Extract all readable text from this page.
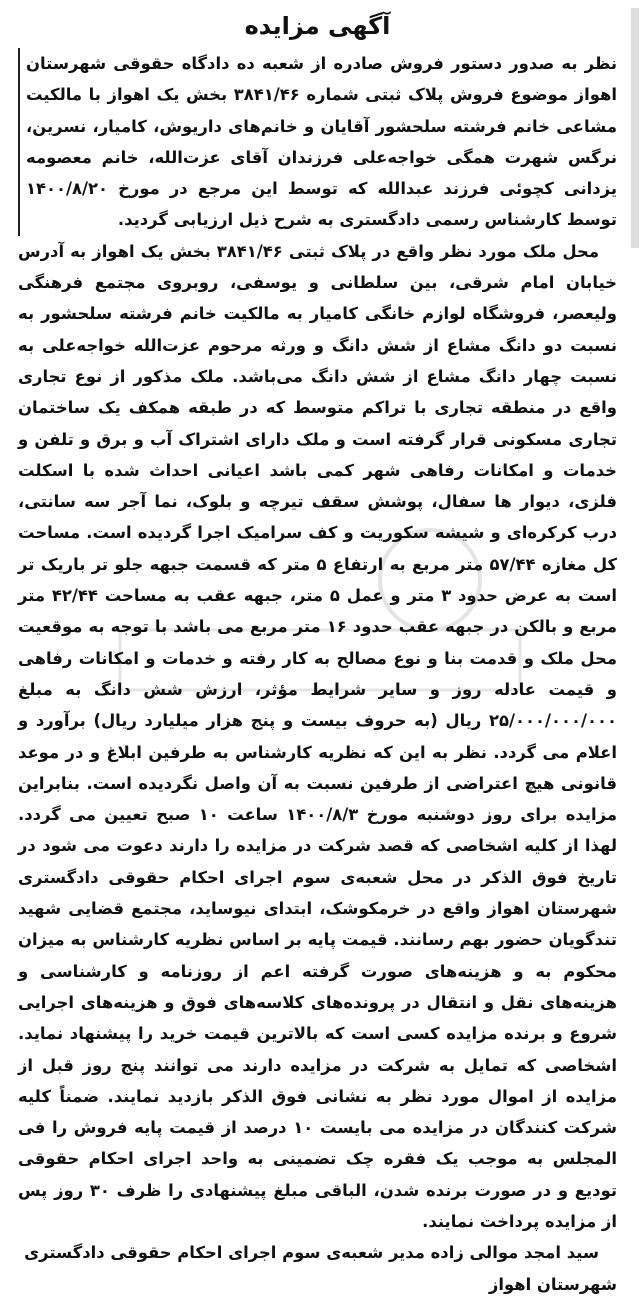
آگهی مزایده

نظر به صدور دستور فروش صادره از شعبه ده دادگاه حقوقی شهرستان اهواز موضوع فروش پلاک ثبتی شماره ۳۸۴۱/۴۶ بخش یک اهواز با مالکیت مشاعی خانم فرشته سلحشور آقایان و خانم‌های داریوش، کامیار، نسرین، نرگس شهرت همگی خواجه‌علی فرزندان آقای عزت‌الله، خانم معصومه یزدانی کچوئی فرزند عبدالله که توسط این مرجع در مورخ ۱۴۰۰/۸/۲۰ توسط کارشناس رسمی دادگستری به شرح ذیل ارزیابی گردید.

محل ملک مورد نظر واقع در پلاک ثبتی ۳۸۴۱/۴۶ بخش یک اهواز به آدرس خیابان امام شرقی، بین سلطانی و یوسفی، روبروی مجتمع فرهنگی ولیعصر، فروشگاه لوازم خانگی کامیار به مالکیت خانم فرشته سلحشور به نسبت دو دانگ مشاع از شش دانگ و ورثه مرحوم عزت‌الله خواجه‌علی به نسبت چهار دانگ مشاع از شش دانگ می‌باشد. ملک مذکور از نوع تجاری واقع در منطقه تجاری با تراکم متوسط که در طبقه همکف یک ساختمان تجاری مسکونی قرار گرفته است و ملک دارای اشتراک آب و برق و تلفن و خدمات و امکانات رفاهی شهر کمی باشد اعیانی احداث شده با اسکلت فلزی، دیوار ها سفال، پوشش سقف تیرچه و بلوک، نما آجر سه سانتی، درب کرکره‌ای و شیشه سکوریت و کف سرامیک اجرا گردیده است. مساحت کل مغازه ۵۷/۴۴ متر مربع به ارتفاع ۵ متر که قسمت جبهه جلو تر باریک تر است به عرض حدود ۳ متر و عمل ۵ متر، جبهه عقب به مساحت ۴۲/۴۴ متر مربع و بالکن در جبهه عقب حدود ۱۶ متر مربع می باشد با توجه به موقعیت محل ملک و قدمت بنا و نوع مصالح به کار رفته و خدمات و امکانات رفاهی و قیمت عادله روز و سایر شرایط مؤثر، ارزش شش دانگ به مبلغ ۲۵/۰۰۰/۰۰۰/۰۰۰ ریال (به حروف بیست و پنج هزار میلیارد ریال) برآورد و اعلام می گردد. نظر به این که نظریه کارشناس به طرفین ابلاغ و در موعد قانونی هیچ اعتراضی از طرفین نسبت به آن واصل نگردیده است. بنابراین مزایده برای روز دوشنبه مورخ ۱۴۰۰/۸/۳ ساعت ۱۰ صبح تعیین می گردد. لهذا از کلیه اشخاصی که قصد شرکت در مزایده را دارند دعوت می شود در تاریخ فوق الذکر در محل شعبه‌ی سوم اجرای احکام حقوقی دادگستری شهرستان اهواز واقع در خرمکوشک، ابتدای نیوساید، مجتمع قضایی شهید تندگویان حضور بهم رسانند. قیمت پایه بر اساس نظریه کارشناس به میزان محکوم به و هزینه‌های صورت گرفته اعم از روزنامه و کارشناسی و هزینه‌های نقل و انتقال در پرونده‌های کلاسه‌های فوق و هزینه‌های اجرایی شروع و برنده مزایده کسی است که بالاترین قیمت خرید را پیشنهاد نماید. اشخاصی که تمایل به شرکت در مزایده دارند می توانند پنج روز قبل از مزایده از اموال مورد نظر به نشانی فوق الذکر بازدید نمایند. ضمناً کلیه شرکت کنندگان در مزایده می بایست ۱۰ درصد از قیمت پایه فروش را فی المجلس به موجب یک فقره چک تضمینی به واحد اجرای احکام حقوقی تودیع و در صورت برنده شدن، الباقی مبلغ پیشنهادی را ظرف ۳۰ روز پس از مزایده پرداخت نمایند.

سید امجد موالی زاده مدیر شعبه‌ی سوم اجرای احکام حقوقی دادگستری شهرستان اهواز
